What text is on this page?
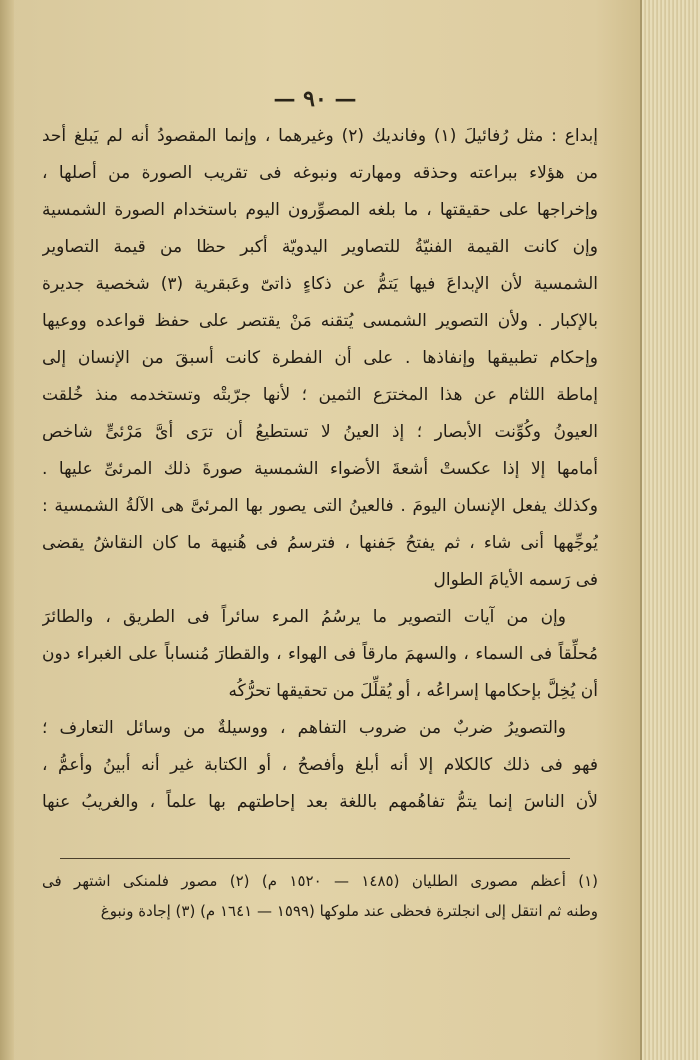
— ٩٠ —
إبداع : مثل رُفائيلَ (١) وفانديك (٢) وغيرهما ، وإنما المقصودُ أنه لم يَبلغ أحد
من هؤلاء ببراعته وحذقه ومهارته ونبوغه فى تقريب الصورة من أصلها ،
وإخراجها على حقيقتها ، ما بلغه المصوِّرون اليوم باستخدام الصورة الشمسية
وإن كانت القيمة الفنيّةُ للتصاوير اليدويّة أكبر حظا من قيمة التصاوير
الشمسية لأن الإبداعَ فيها يَتمُّ عن ذكاءٍ ذاتىّ وعَبقرية (٣) شخصية جديرة
بالإكبار . ولأن التصوير الشمسى يُتقنه مَنْ يقتصر على حفظ قواعده ووعيها
وإحكام تطبيقها وإنفاذها . على أن الفطرة كانت أسبقَ من الإنسان إلى
إماطة اللثام عن هذا المخترَع الثمين ؛ لأنها جرّبتْه وتستخدمه منذ خُلقت
العيونُ وكُوِّنت الأبصار ؛ إذ العينُ لا تستطيعُ أن ترَى أىَّ مَرْئىٍّ شاخص
أمامها إلا إذا عكستْ أشعةَ الأضواء الشمسية صورةَ ذلك المرئىِّ عليها .
وكذلك يفعل الإنسان اليومَ . فالعينُ التى يصور بها المرئىَّ هى الآلةُ الشمسية :
يُوجِّهها أنى شاء ، ثم يفتحُ جَفنها ، فترسمُ فى هُنيهة ما كان النقاشُ يقضى
فى رَسمه الأيامَ الطوال
وإن من آيات التصوير ما يرسُمُ المرء سائراً فى الطريق ، والطائرَ
مُحلِّقاً فى السماء ، والسهمَ مارقاً فى الهواء ، والقطارَ مُنساباً على الغبراء دون
أن يُخِلَّ بإحكامها إسراعُه ، أو يُقلِّلَ من تحقيقها تحرُّكُه
والتصويرُ ضربٌ من ضروب التفاهم ، ووسيلةٌ من وسائل التعارف ؛
فهو فى ذلك كالكلام إلا أنه أبلغ وأفصحُ ، أو الكتابة غير أنه أبينُ وأعمُّ ،
لأن الناسَ إنما يتمُّ تفاهُمهم باللغة بعد إحاطتهم بها علماً ، والغريبُ عنها
(١) أعظم مصورى الطليان (١٤٨٥ — ١٥٢٠ م) (٢) مصور فلمنكى اشتهر فى
وطنه ثم انتقل إلى انجلترة فحظى عند ملوكها (١٥٩٩ — ١٦٤١ م) (٣) إجادة ونبوغ
